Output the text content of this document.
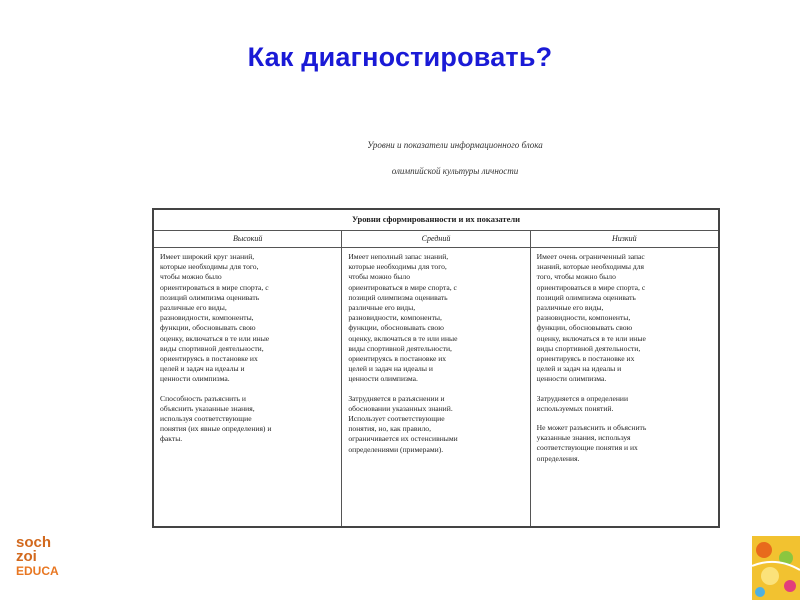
Как диагностировать?
Уровни и показатели информационного блока
олимпийской культуры личности
Уровни сформированности и их показатели
Высокий	Средний	Низкий

Имеет широкий круг знаний,
которые необходимы для того,
чтобы можно было
ориентироваться в мире спорта, с
позиций олимпизма оценивать
различные его виды,
разновидности, компоненты,
функции, обосновывать свою
оценку, включаться в те или иные
виды спортивной деятельности,
ориентируясь в постановке их
целей и задач на идеалы и
ценности олимпизма.

Способность разъяснить и
объяснить указанные знания,
используя соответствующие
понятия (их явные определения) и
факты.

Имеет неполный запас знаний,
которые необходимы для того,
чтобы можно было
ориентироваться в мире спорта, с
позиций олимпизма оценивать
различные его виды,
разновидности, компоненты,
функции, обосновывать свою
оценку, включаться в те или иные
виды спортивной деятельности,
ориентируясь в постановке их
целей и задач на идеалы и
ценности олимпизма.

Затрудняется в разъяснении и
обосновании указанных знаний.
Использует соответствующие
понятия, но, как правило,
ограничивается их остенсивными
определениями (примерами).

Имеет очень ограниченный запас
знаний, которые необходимы для
того, чтобы можно было
ориентироваться в мире спорта, с
позиций олимпизма оценивать
различные его виды,
разновидности, компоненты,
функции, обосновывать свою
оценку, включаться в те или иные
виды спортивной деятельности,
ориентируясь в постановке их
целей и задач на идеалы и
ценности олимпизма.

Затрудняется в определении
используемых понятий.

Не может разъяснить и объяснить
указанные знания, используя
соответствующие понятия и их
определения.

soch
zoi
EDUCA
